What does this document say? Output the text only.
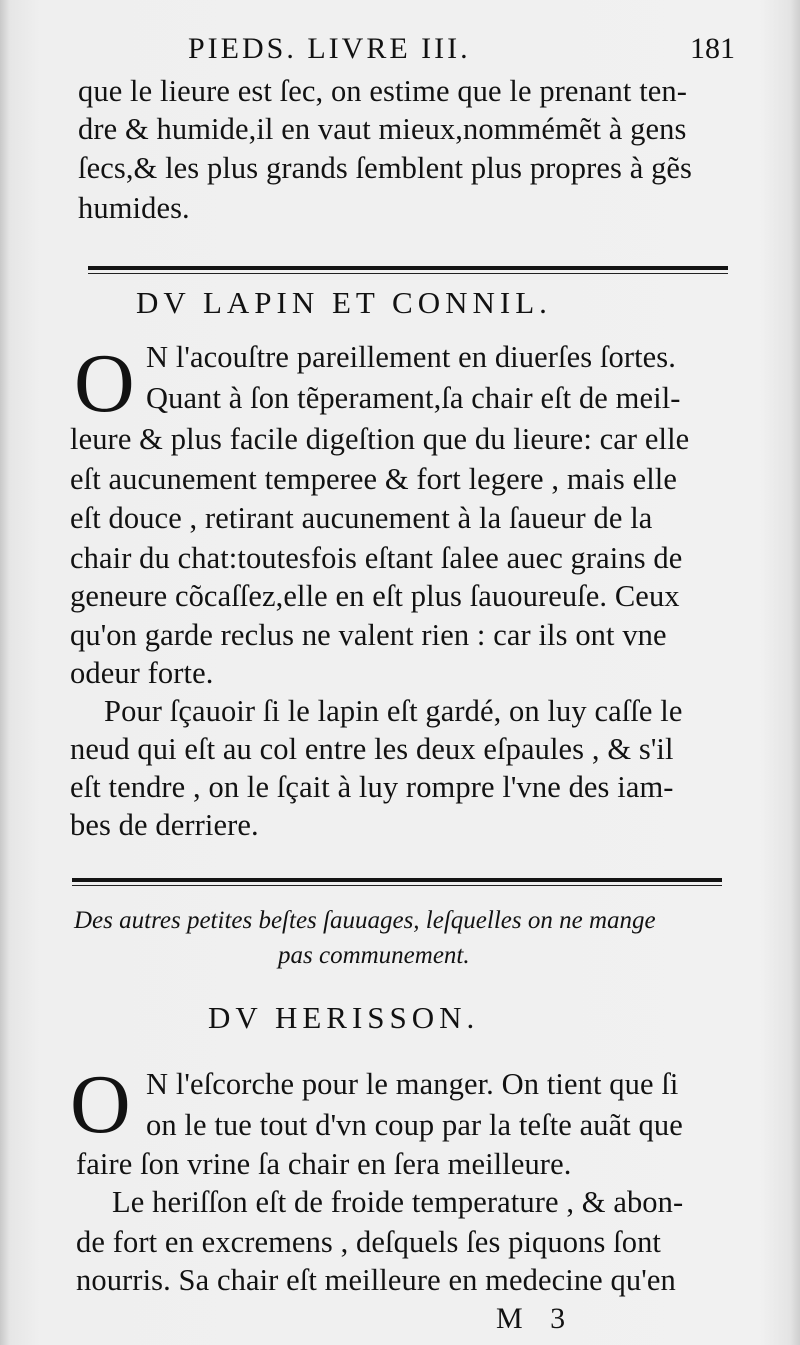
PIEDS. LIVRE III.	181
que le lieure est ſec, on estime que le prenant ten-
dre & humide,il en vaut mieux,nommémẽt à gens
ſecs,& les plus grands ſemblent plus propres à gẽs
humides.
DV LAPIN ET CONNIL.
O N l'acouſtre pareillement en diuerſes ſortes.
Quant à ſon tẽperament,ſa chair eſt de meil-
leure & plus facile digeſtion que du lieure: car elle
eſt aucunement temperee & fort legere , mais elle
eſt douce , retirant aucunement à la ſaueur de la
chair du chat:toutesfois eſtant ſalee auec grains de
geneure cõcaſſez,elle en eſt plus ſauoureuſe. Ceux
qu'on garde reclus ne valent rien : car ils ont vne
odeur forte.
Pour ſçauoir ſi le lapin eſt gardé, on luy caſſe le
neud qui eſt au col entre les deux eſpaules , & s'il
eſt tendre , on le ſçait à luy rompre l'vne des iam-
bes de derriere.
Des autres petites beſtes ſauuages, leſquelles on ne mange
pas communement.
DV HERISSON.
O N l'eſcorche pour le manger. On tient que ſi
on le tue tout d'vn coup par la teſte auãt que
faire ſon vrine ſa chair en ſera meilleure.
Le heriſſon eſt de froide temperature , & abon-
de fort en excremens , deſquels ſes piquons ſont
nourris. Sa chair eſt meilleure en medecine qu'en
M 3
